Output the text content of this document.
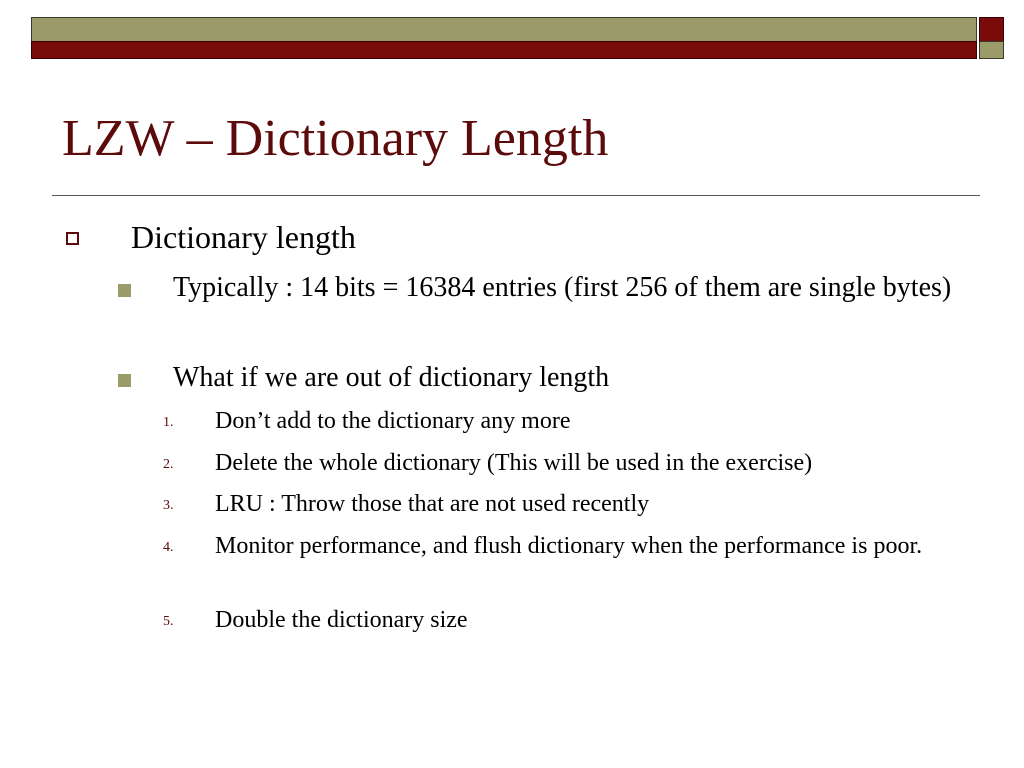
LZW – Dictionary Length
Dictionary length
Typically : 14 bits = 16384 entries (first 256 of them are single bytes)
What if we are out of dictionary length
1. Don’t add to the dictionary any more
2. Delete the whole dictionary (This will be used in the exercise)
3. LRU : Throw those that are not used recently
4. Monitor performance, and flush dictionary when the performance is poor.
5. Double the dictionary size
